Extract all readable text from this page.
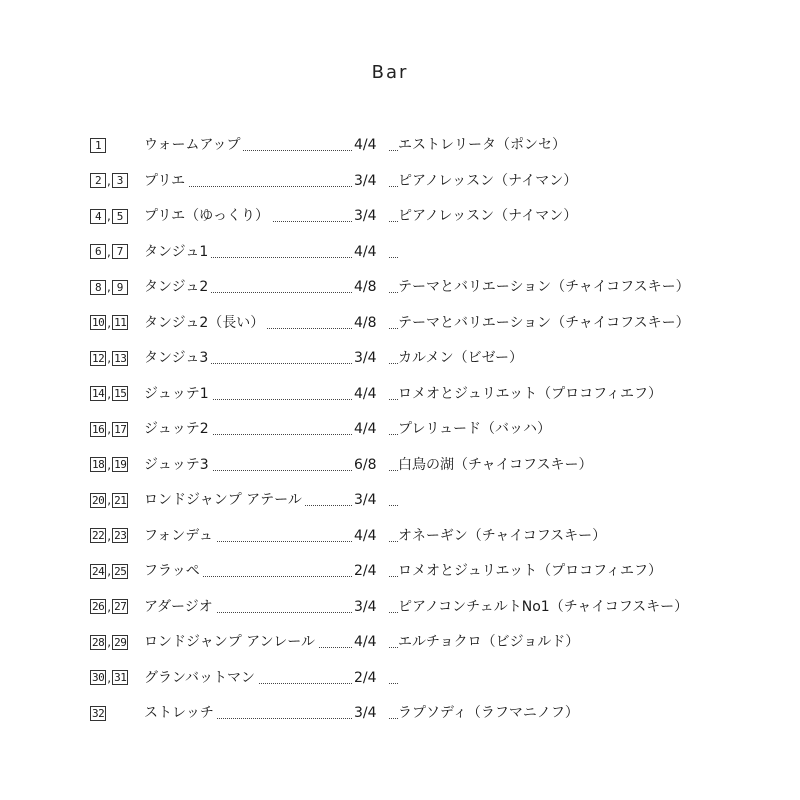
Bar
1	ウォームアップ	4/4	エストレリータ（ポンセ）
2 , 3	プリエ	3/4	ピアノレッスン（ナイマン）
4 , 5	プリエ（ゆっくり）	3/4	ピアノレッスン（ナイマン）
6 , 7	タンジュ1	4/4
8 , 9	タンジュ2	4/8	テーマとバリエーション（チャイコフスキー）
10 , 11 タンジュ2（長い）	4/8	テーマとバリエーション（チャイコフスキー）
12 , 13 タンジュ3	3/4	カルメン（ビゼー）
14 , 15 ジュッテ1	4/4	ロメオとジュリエット（プロコフィエフ）
16 , 17 ジュッテ2	4/4	プレリュード（バッハ）
18 , 19 ジュッテ3	6/8	白鳥の湖（チャイコフスキー）
20 , 21 ロンドジャンプ アテール	3/4
22 , 23 フォンデュ	4/4	オネーギン（チャイコフスキー）
24 , 25 フラッペ	2/4	ロメオとジュリエット（プロコフィエフ）
26 , 27 アダージオ	3/4	ピアノコンチェルトNo1（チャイコフスキー）
28 , 29 ロンドジャンプ アンレール	4/4	エルチョクロ（ビジョルド）
30 , 31 グランバットマン	2/4
32	ストレッチ	3/4	ラプソディ（ラフマニノフ）
